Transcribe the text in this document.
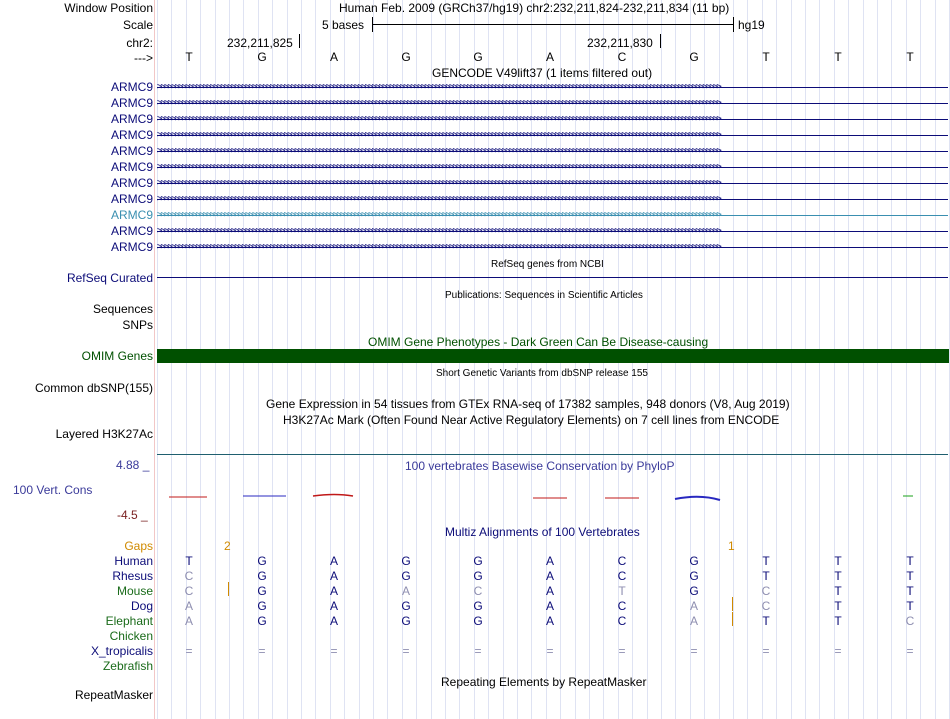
Window Position
Scale
chr2:
--->
Human Feb. 2009 (GRCh37/hg19) chr2:232,211,824-232,211,834 (11 bp)
5 bases	hg19
232,211,825	232,211,830
T	G	A	G	G	A	C	G	T	T	T
GENCODE V49lift37 (1 items filtered out)
ARMC9 >>>>>>>>>>>>>>>>>>>>>>>>>>>>>>>>>>>>>>>>>>>>>>>>>>>>>>>>>>>>>>>>>>>>>>>>>>>>>>>>>>>>>>>>>>>>>>>>>>>>>>>>>>>>>>>>>>>>>>>>>>>>>>>>>>>>>>>>>>>>>>>>>>>>>>>>>>>>>>>>
ARMC9 >>>>>>>>>>>>>>>>>>>>>>>>>>>>>>>>>>>>>>>>>>>>>>>>>>>>>>>>>>>>>>>>>>>>>>>>>>>>>>>>>>>>>>>>>>>>>>>>>>>>>>>>>>>>>>>>>>>>>>>>>>>>>>>>>>>>>>>>>>>>>>>>>>>>>>>>>>>>>>>>
ARMC9 >>>>>>>>>>>>>>>>>>>>>>>>>>>>>>>>>>>>>>>>>>>>>>>>>>>>>>>>>>>>>>>>>>>>>>>>>>>>>>>>>>>>>>>>>>>>>>>>>>>>>>>>>>>>>>>>>>>>>>>>>>>>>>>>>>>>>>>>>>>>>>>>>>>>>>>>>>>>>>>>
ARMC9 >>>>>>>>>>>>>>>>>>>>>>>>>>>>>>>>>>>>>>>>>>>>>>>>>>>>>>>>>>>>>>>>>>>>>>>>>>>>>>>>>>>>>>>>>>>>>>>>>>>>>>>>>>>>>>>>>>>>>>>>>>>>>>>>>>>>>>>>>>>>>>>>>>>>>>>>>>>>>>>>
ARMC9 >>>>>>>>>>>>>>>>>>>>>>>>>>>>>>>>>>>>>>>>>>>>>>>>>>>>>>>>>>>>>>>>>>>>>>>>>>>>>>>>>>>>>>>>>>>>>>>>>>>>>>>>>>>>>>>>>>>>>>>>>>>>>>>>>>>>>>>>>>>>>>>>>>>>>>>>>>>>>>>>
ARMC9 >>>>>>>>>>>>>>>>>>>>>>>>>>>>>>>>>>>>>>>>>>>>>>>>>>>>>>>>>>>>>>>>>>>>>>>>>>>>>>>>>>>>>>>>>>>>>>>>>>>>>>>>>>>>>>>>>>>>>>>>>>>>>>>>>>>>>>>>>>>>>>>>>>>>>>>>>>>>>>>>
ARMC9 >>>>>>>>>>>>>>>>>>>>>>>>>>>>>>>>>>>>>>>>>>>>>>>>>>>>>>>>>>>>>>>>>>>>>>>>>>>>>>>>>>>>>>>>>>>>>>>>>>>>>>>>>>>>>>>>>>>>>>>>>>>>>>>>>>>>>>>>>>>>>>>>>>>>>>>>>>>>>>>>
ARMC9 >>>>>>>>>>>>>>>>>>>>>>>>>>>>>>>>>>>>>>>>>>>>>>>>>>>>>>>>>>>>>>>>>>>>>>>>>>>>>>>>>>>>>>>>>>>>>>>>>>>>>>>>>>>>>>>>>>>>>>>>>>>>>>>>>>>>>>>>>>>>>>>>>>>>>>>>>>>>>>>>
ARMC9 >>>>>>>>>>>>>>>>>>>>>>>>>>>>>>>>>>>>>>>>>>>>>>>>>>>>>>>>>>>>>>>>>>>>>>>>>>>>>>>>>>>>>>>>>>>>>>>>>>>>>>>>>>>>>>>>>>>>>>>>>>>>>>>>>>>>>>>>>>>>>>>>>>>>>>>>>>>>>>>>
ARMC9 >>>>>>>>>>>>>>>>>>>>>>>>>>>>>>>>>>>>>>>>>>>>>>>>>>>>>>>>>>>>>>>>>>>>>>>>>>>>>>>>>>>>>>>>>>>>>>>>>>>>>>>>>>>>>>>>>>>>>>>>>>>>>>>>>>>>>>>>>>>>>>>>>>>>>>>>>>>>>>>>
ARMC9 >>>>>>>>>>>>>>>>>>>>>>>>>>>>>>>>>>>>>>>>>>>>>>>>>>>>>>>>>>>>>>>>>>>>>>>>>>>>>>>>>>>>>>>>>>>>>>>>>>>>>>>>>>>>>>>>>>>>>>>>>>>>>>>>>>>>>>>>>>>>>>>>>>>>>>>>>>>>>>>>
RefSeq genes from NCBI
RefSeq Curated
Publications: Sequences in Scientific Articles
Sequences
SNPs
OMIM Gene Phenotypes - Dark Green Can Be Disease-causing
OMIM Genes
Short Genetic Variants from dbSNP release 155
Common dbSNP(155)
Gene Expression in 54 tissues from GTEx RNA-seq of 17382 samples, 948 donors (V8, Aug 2019)
H3K27Ac Mark (Often Found Near Active Regulatory Elements) on 7 cell lines from ENCODE
Layered H3K27Ac
100 vertebrates Basewise Conservation by PhyloP
4.88 _
100 Vert. Cons
-4.5 _
Multiz Alignments of 100 Vertebrates
Gaps	2	1
Human	T	G	A	G	G	A	C	G	T	T	T
Rhesus	C	G	A	G	G	A	C	G	T	T	T
Mouse	C	G	A	A	C	A	T	G	C	T	T
Dog	A	G	A	G	G	A	C	A	C	T	T
Elephant	A	G	A	G	G	A	C	A	T	T	C
Chicken
X_tropicalis	=	=	=	=	=	=	=	=	=	=	=
Zebrafish
Repeating Elements by RepeatMasker
RepeatMasker
